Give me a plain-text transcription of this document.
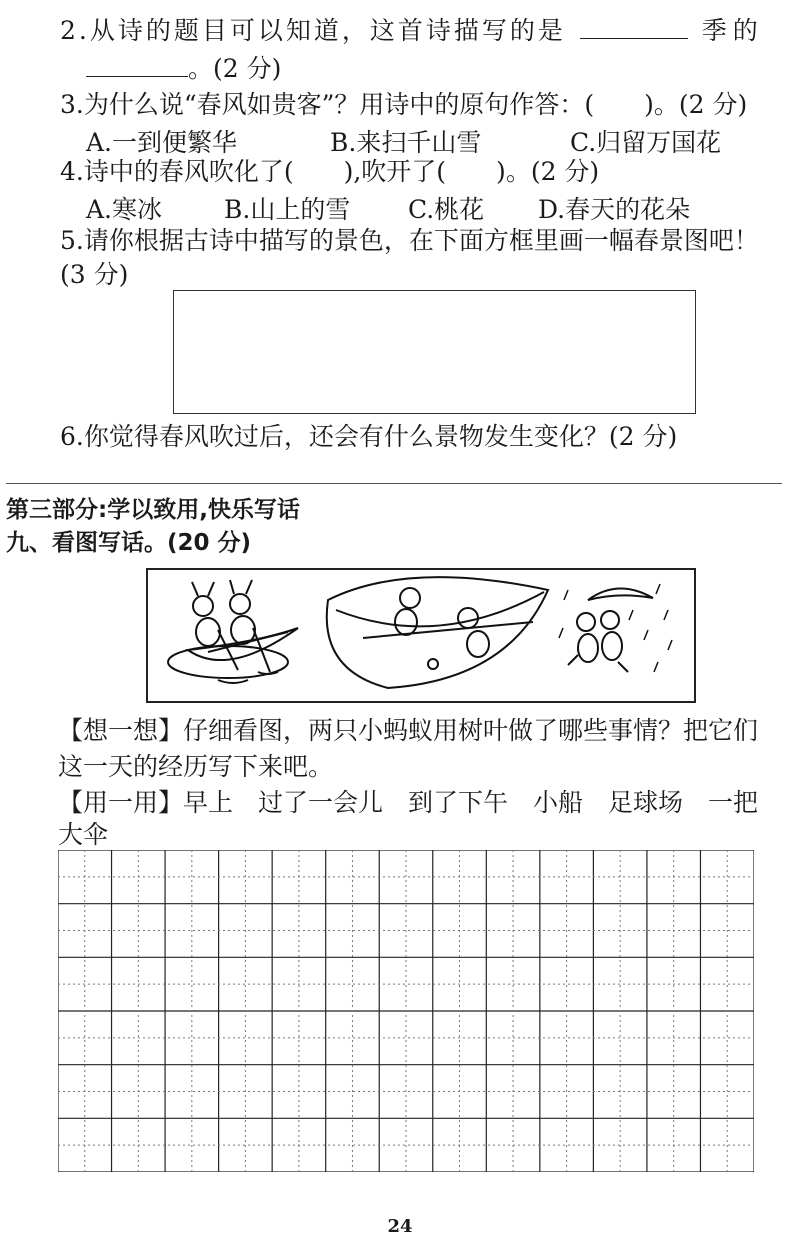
2.从诗的题目可以知道，这首诗描写的是	季的
。(2 分)
3.为什么说“春风如贵客”？用诗中的原句作答：(　　)。(2 分)
A.一到便繁华	B.来扫千山雪	C.归留万国花
4.诗中的春风吹化了(　　),吹开了(　　)。(2 分)
A.寒冰 B.山上的雪 C.桃花 D.春天的花朵
5.请你根据古诗中描写的景色，在下面方框里画一幅春景图吧！
(3 分)
6.你觉得春风吹过后，还会有什么景物发生变化？(2 分)
第三部分:学以致用,快乐写话
九、看图写话。(20 分)
【想一想】仔细看图，两只小蚂蚁用树叶做了哪些事情？把它们
这一天的经历写下来吧。
【用一用】早上　过了一会儿　到了下午　小船　足球场　一把
大伞
24
